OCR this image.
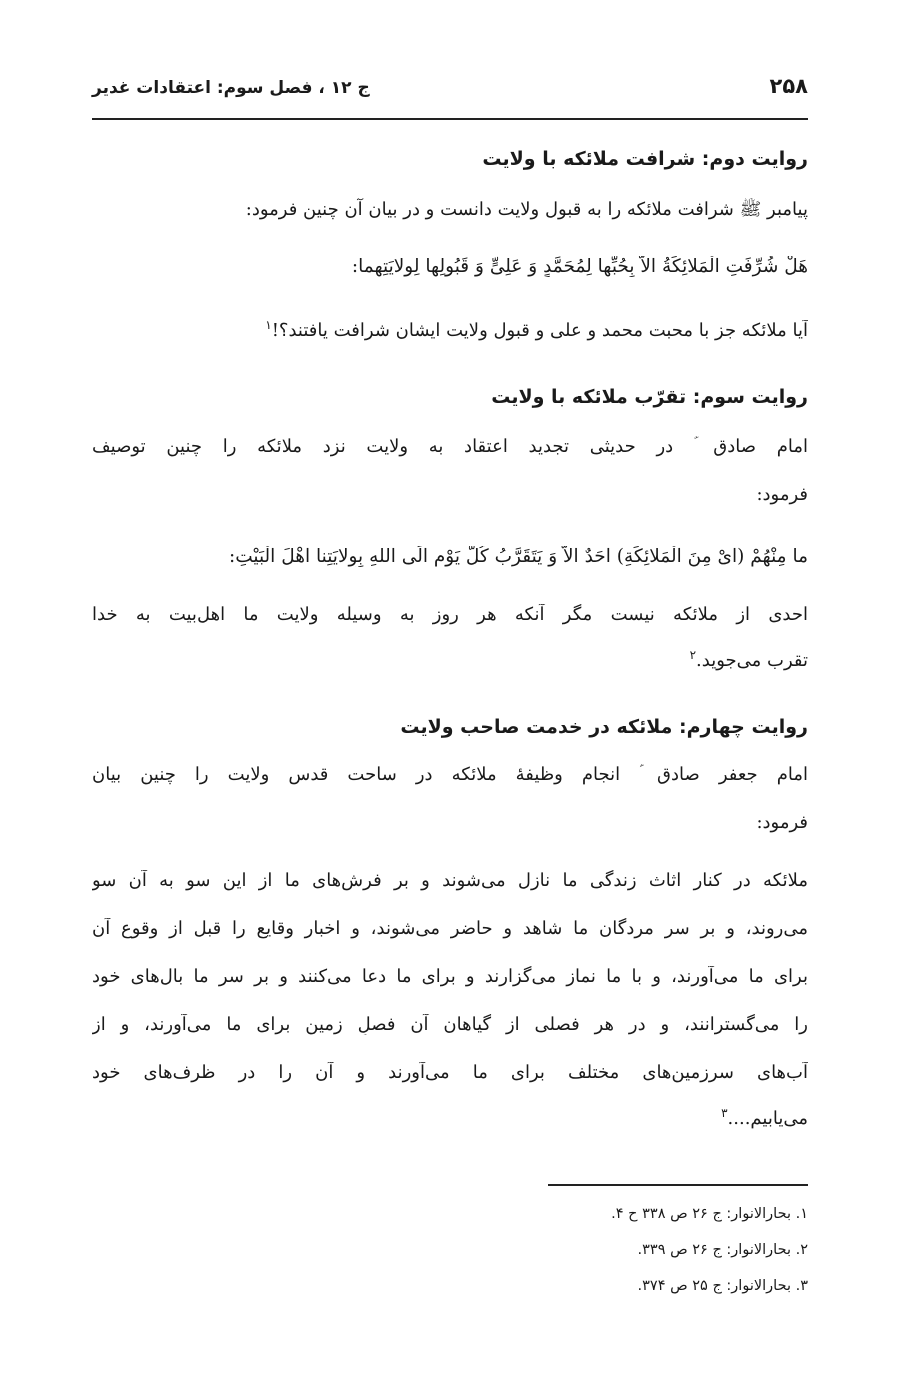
۲۵۸
ج ۱۲ ، فصل سوم: اعتقادات غدیر
روایت دوم: شرافت ملائکه با ولایت
پیامبر ﷺ شرافت ملائکه را به قبول ولایت دانست و در بیان آن چنین فرمود:
هَلْ شُرِّفَتِ الْمَلائِکَةُ الاّ بِحُبِّها لِمُحَمَّدٍ وَ عَلِیٍّ وَ قَبُولِها لِوِلایَتِهِما:
آیا ملائکه جز با محبت محمد و علی و قبول ولایت ایشان شرافت یافتند؟!$^۱$
روایت سوم: تقرّب ملائکه با ولایت
امام صادق ؑ در حدیثی تجدید اعتقاد به ولایت نزد ملائکه را چنین توصیف
فرمود:
ما مِنْهُمْ (ایْ مِنَ الْمَلائِکَةِ) احَدٌ الاّ وَ یَتَقَرَّبُ کُلَّ یَوْمٍ الَی اللهِ بِوِلایَتِنا اهْلَ الْبَیْتِ:
احدی از ملائکه نیست مگر آنکه هر روز به وسیله ولایت ما اهل‌بیت به خدا
تقرب می‌جوید.$^۲$
روایت چهارم: ملائکه در خدمت صاحب ولایت
امام جعفر صادق ؑ انجام وظیفهٔ ملائکه در ساحت قدس ولایت را چنین بیان
فرمود:
ملائکه در کنار اثاث زندگی ما نازل می‌شوند و بر فرش‌های ما از این سو به آن سو
می‌روند، و بر سر مردگان ما شاهد و حاضر می‌شوند، و اخبار وقایع را قبل از وقوع آن
برای ما می‌آورند، و با ما نماز می‌گزارند و برای ما دعا می‌کنند و بر سر ما بال‌های خود
را می‌گسترانند، و در هر فصلی از گیاهان آن فصلِ زمین برای ما می‌آورند، و از
آب‌های سرزمین‌های مختلف برای ما می‌آورند و آن را در ظرف‌های خود
می‌یابیم....$^۳$
۱. بحارالانوار: ج ۲۶ ص ۳۳۸ ح ۴.
۲. بحارالانوار: ج ۲۶ ص ۳۳۹.
۳. بحارالانوار: ج ۲۵ ص ۳۷۴.
